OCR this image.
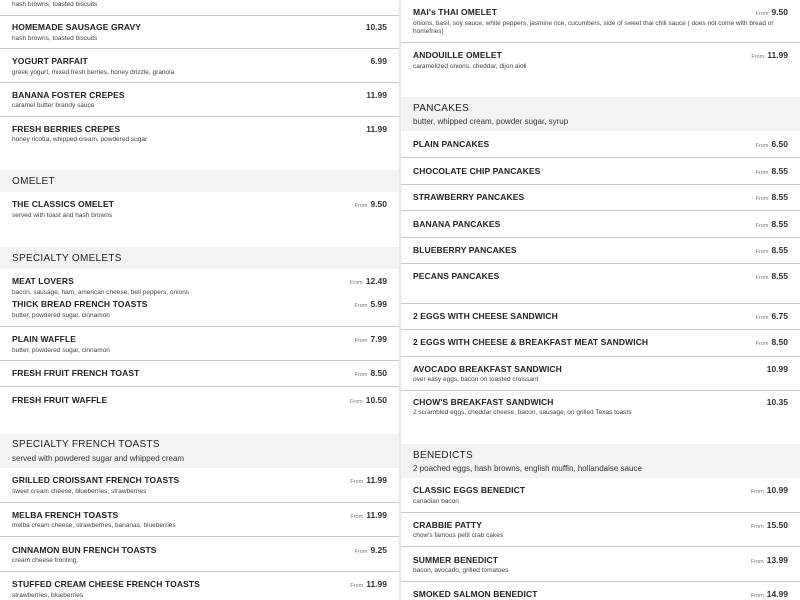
hash browns, toasted biscuits
HOMEMADE SAUSAGE GRAVY	10.35
hash browns, toasted biscuits
YOGURT PARFAIT	6.99
greek yogurt, mixed fresh berries, honey drizzle, granola
BANANA FOSTER CREPES	11.99
caramel butter brandy sauce
FRESH BERRIES CREPES	11.99
honey ricotta, whipped cream, powdered sugar
OMELET
THE CLASSICS OMELET	From 9.50
served with toast and hash browns
SPECIALTY OMELETS
MEAT LOVERS	From 12.49
bacon, sausage, ham, american cheese, bell peppers, onions
THICK BREAD FRENCH TOASTS	From 5.99
butter, powdered sugar, cinnamon
PLAIN WAFFLE	From 7.99
butter, powdered sugar, cinnamon
FRESH FRUIT FRENCH TOAST	From 8.50
FRESH FRUIT WAFFLE	From 10.50
SPECIALTY FRENCH TOASTS
served with powdered sugar and whipped cream
GRILLED CROISSANT FRENCH TOASTS	From 11.99
sweet cream cheese, blueberries, strawberries
MELBA FRENCH TOASTS	From 11.99
melba cream cheese, strawberries, bananas, blueberries
CINNAMON BUN FRENCH TOASTS	From 9.25
cream cheese fronting,
STUFFED CREAM CHEESE FRENCH TOASTS	From 11.99
strawberries, blueberries
MAI's THAI OMELET	From 9.50
onions, basil, soy sauce, white peppers, jasmine rice, cucumbers, side of sweet thai chili sauce ( does not come with bread or
homefries)
ANDOUILLE OMELET	From 11.99
caramelized onions, cheddar, dijon aioli
PANCAKES
butter, whipped cream, powder sugar, syrup
PLAIN PANCAKES	From 6.50
CHOCOLATE CHIP PANCAKES	From 8.55
STRAWBERRY PANCAKES	From 8.55
BANANA PANCAKES	From 8.55
BLUEBERRY PANCAKES	From 8.55
PECANS PANCAKES	From 8.55
2 EGGS WITH CHEESE SANDWICH	From 6.75
2 EGGS WITH CHEESE & BREAKFAST MEAT SANDWICH	From 8.50
AVOCADO BREAKFAST SANDWICH	10.99
over easy eggs, bacon on toasted croissant
CHOW'S BREAKFAST SANDWICH	10.35
2 scrambled eggs, cheddar cheese, bacon, sausage, on grilled Texas toasts
BENEDICTS
2 poached eggs, hash browns, english muffin, hollandaise sauce
CLASSIC EGGS BENEDICT	From 10.99
canadian bacon
CRABBIE PATTY	From 15.50
chow's famous petit crab cakes
SUMMER BENEDICT	From 13.99
bacon, avocado, grilled tomatoes
SMOKED SALMON BENEDICT	From 14.99
